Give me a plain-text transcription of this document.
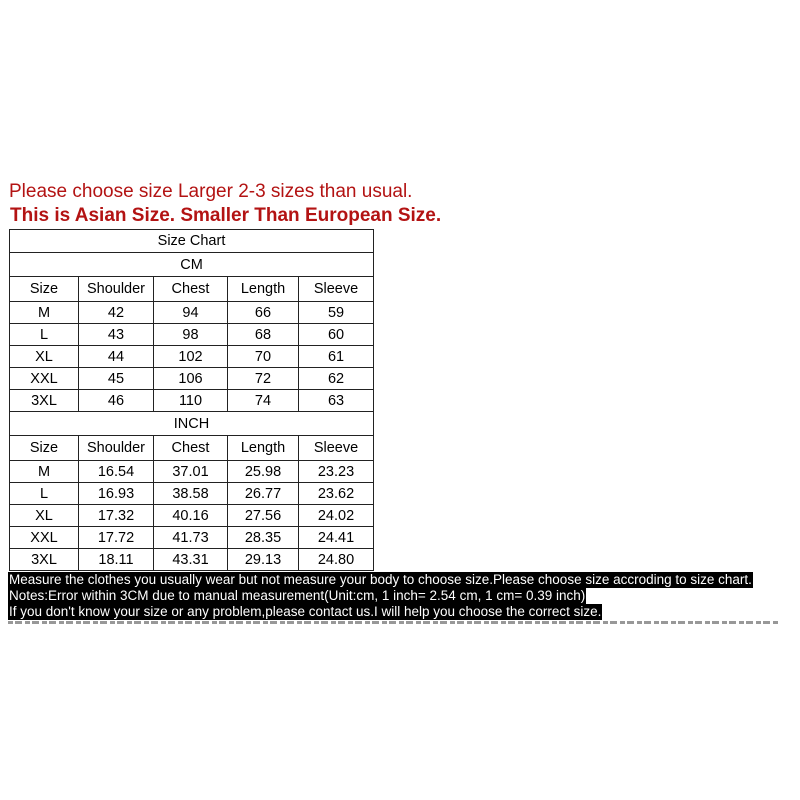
Please choose size Larger 2-3 sizes than usual.
This is Asian Size. Smaller Than European Size.
Size Chart				
CM				
Size	Shoulder	Chest	Length	Sleeve
M	42	94	66	59
L	43	98	68	60
XL	44	102	70	61
XXL	45	106	72	62
3XL	46	110	74	63
INCH				
Size	Shoulder	Chest	Length	Sleeve
M	16.54	37.01	25.98	23.23
L	16.93	38.58	26.77	23.62
XL	17.32	40.16	27.56	24.02
XXL	17.72	41.73	28.35	24.41
3XL	18.11	43.31	29.13	24.80
Measure the clothes you usually wear but not measure your body to choose size.Please choose size accroding to size chart.
Notes:Error within 3CM due to manual measurement(Unit:cm, 1 inch= 2.54 cm, 1 cm= 0.39 inch)
If you don't know your size or any problem,please contact us.I will help you choose the correct size.
